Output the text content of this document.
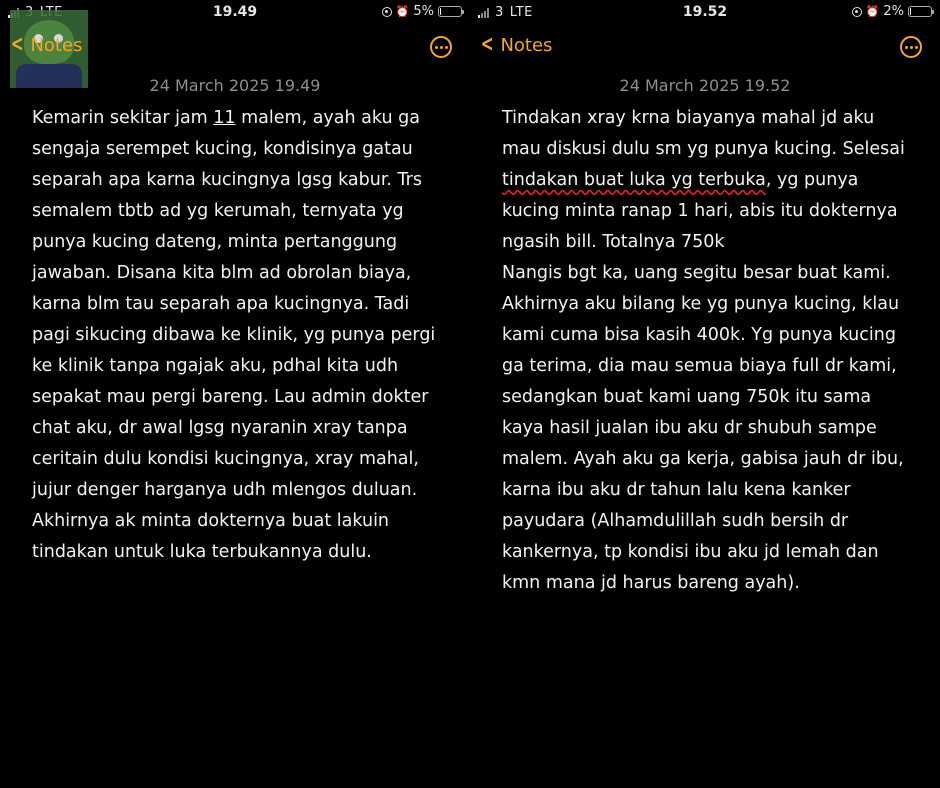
19.49	⏰ 5%
< Notes
24 March 2025 19.49

Kemarin sekitar jam 11 malem, ayah aku ga sengaja serempet kucing, kondisinya gatau separah apa karna kucingnya lgsg kabur. Trs semalem tbtb ad yg kerumah, ternyata yg punya kucing dateng, minta pertanggung jawaban. Disana kita blm ad obrolan biaya, karna blm tau separah apa kucingnya. Tadi pagi sikucing dibawa ke klinik, yg punya pergi ke klinik tanpa ngajak aku, pdhal kita udh sepakat mau pergi bareng. Lau admin dokter chat aku, dr awal lgsg nyaranin xray tanpa ceritain dulu kondisi kucingnya, xray mahal, jujur denger harganya udh mlengos duluan. Akhirnya ak minta dokternya buat lakuin tindakan untuk luka terbukannya dulu.

3 LTE	19.52	⏰ 2%
< Notes
24 March 2025 19.52

Tindakan xray krna biayanya mahal jd aku mau diskusi dulu sm yg punya kucing. Selesai tindakan buat luka yg terbuka, yg punya kucing minta ranap 1 hari, abis itu dokternya ngasih bill. Totalnya 750k

Nangis bgt ka, uang segitu besar buat kami. Akhirnya aku bilang ke yg punya kucing, klau kami cuma bisa kasih 400k. Yg punya kucing ga terima, dia mau semua biaya full dr kami, sedangkan buat kami uang 750k itu sama kaya hasil jualan ibu aku dr shubuh sampe malem. Ayah aku ga kerja, gabisa jauh dr ibu, karna ibu aku dr tahun lalu kena kanker payudara (Alhamdulillah sudh bersih dr kankernya, tp kondisi ibu aku jd lemah dan kmn mana jd harus bareng ayah).
